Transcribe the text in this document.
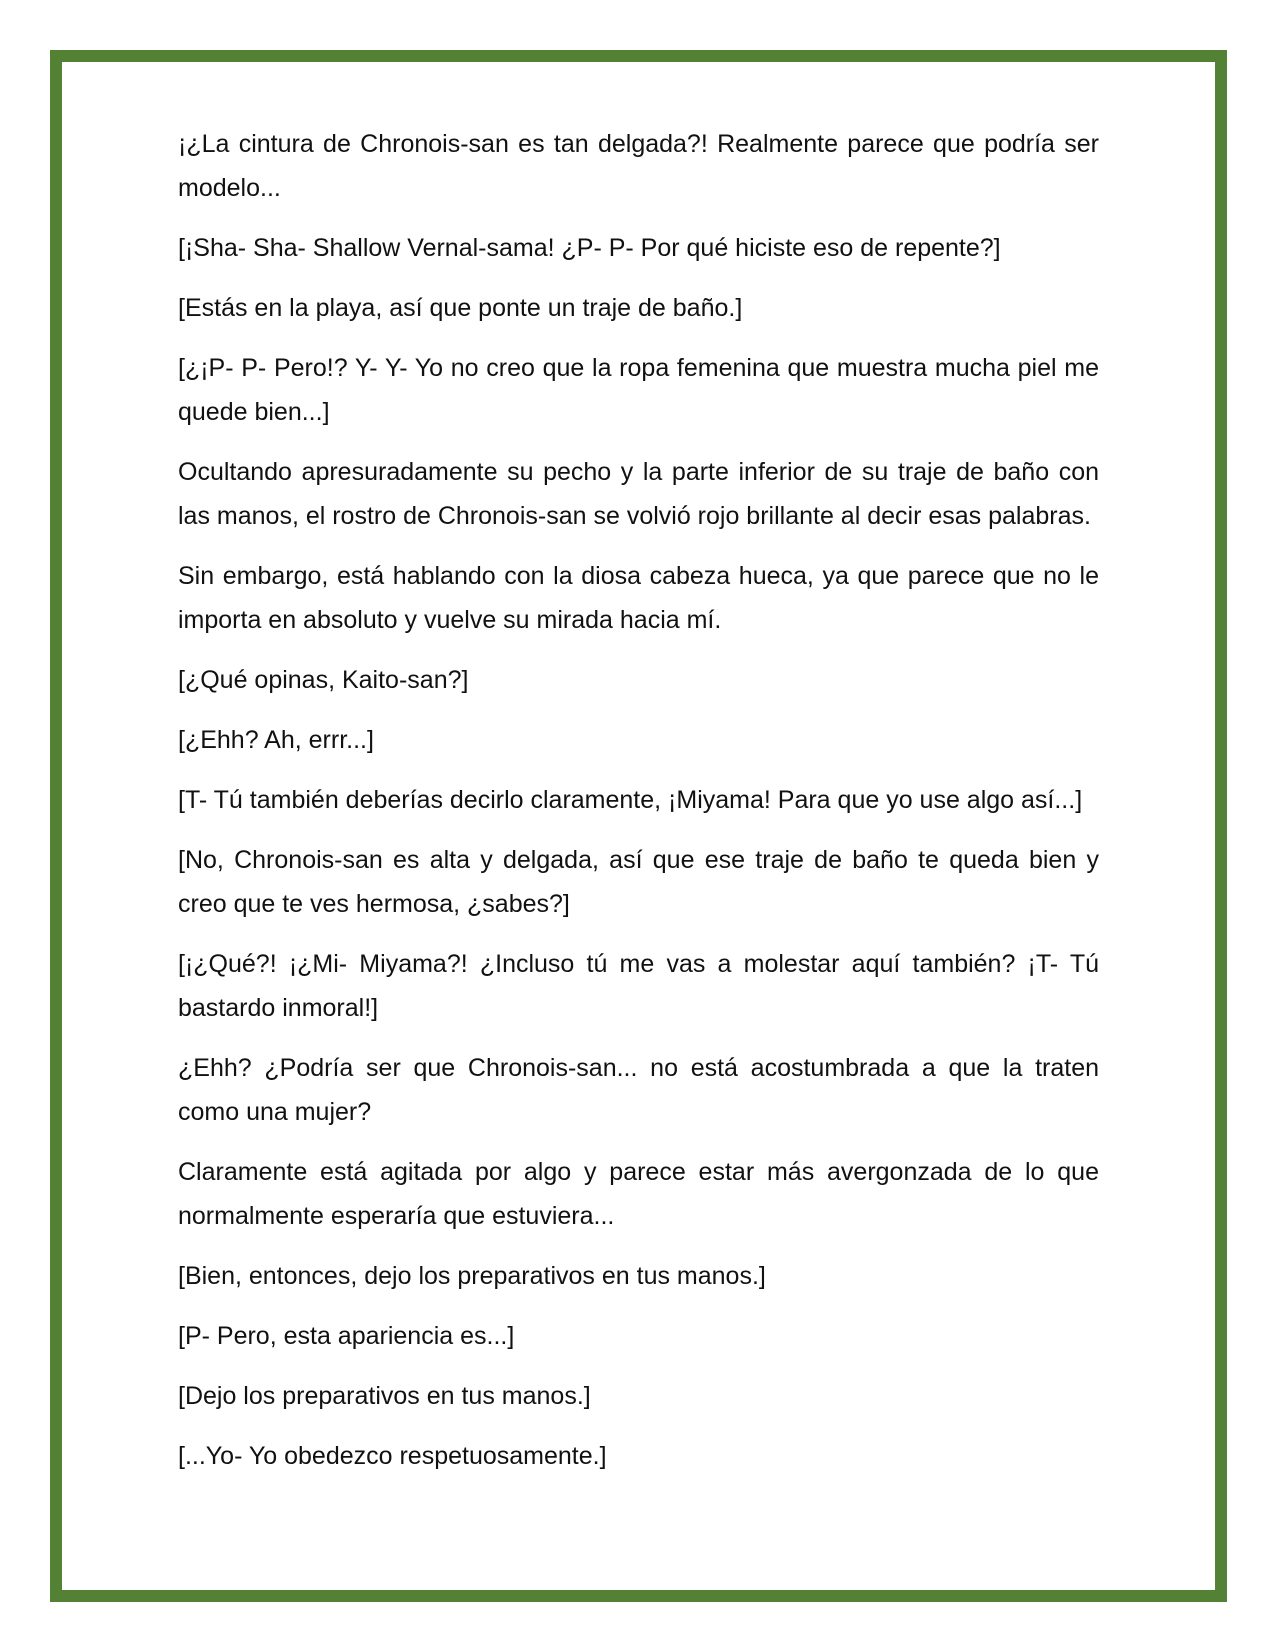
¡¿La cintura de Chronois-san es tan delgada?! Realmente parece que podría ser modelo...

[¡Sha- Sha- Shallow Vernal-sama! ¿P- P- Por qué hiciste eso de repente?]

[Estás en la playa, así que ponte un traje de baño.]

[¿¡P- P- Pero!? Y- Y- Yo no creo que la ropa femenina que muestra mucha piel me quede bien...]

Ocultando apresuradamente su pecho y la parte inferior de su traje de baño con las manos, el rostro de Chronois-san se volvió rojo brillante al decir esas palabras.

Sin embargo, está hablando con la diosa cabeza hueca, ya que parece que no le importa en absoluto y vuelve su mirada hacia mí.

[¿Qué opinas, Kaito-san?]

[¿Ehh? Ah, errr...]

[T- Tú también deberías decirlo claramente, ¡Miyama! Para que yo use algo así...]

[No, Chronois-san es alta y delgada, así que ese traje de baño te queda bien y creo que te ves hermosa, ¿sabes?]

[¡¿Qué?! ¡¿Mi- Miyama?! ¿Incluso tú me vas a molestar aquí también? ¡T- Tú bastardo inmoral!]

¿Ehh? ¿Podría ser que Chronois-san... no está acostumbrada a que la traten como una mujer?

Claramente está agitada por algo y parece estar más avergonzada de lo que normalmente esperaría que estuviera...

[Bien, entonces, dejo los preparativos en tus manos.]

[P- Pero, esta apariencia es...]

[Dejo los preparativos en tus manos.]

[...Yo- Yo obedezco respetuosamente.]
